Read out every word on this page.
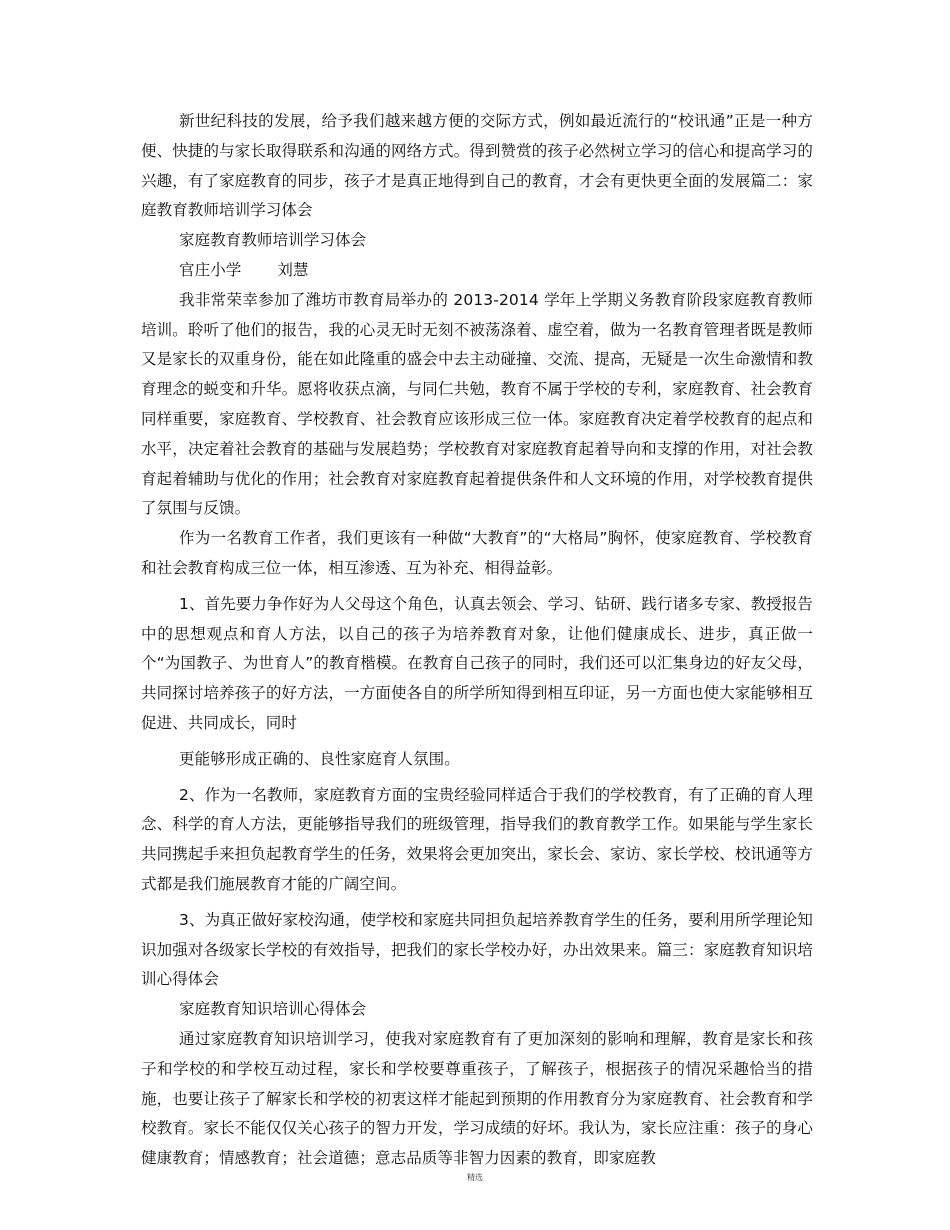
新世纪科技的发展，给予我们越来越方便的交际方式，例如最近流行的“校讯通”正是一种方便、快捷的与家长取得联系和沟通的网络方式。得到赞赏的孩子必然树立学习的信心和提高学习的兴趣，有了家庭教育的同步，孩子才是真正地得到自己的教育，才会有更快更全面的发展篇二：家庭教育教师培训学习体会

家庭教育教师培训学习体会

官庄小学 刘慧

我非常荣幸参加了潍坊市教育局举办的 2013-2014 学年上学期义务教育阶段家庭教育教师培训。聆听了他们的报告，我的心灵无时无刻不被荡涤着、虚空着，做为一名教育管理者既是教师又是家长的双重身份，能在如此隆重的盛会中去主动碰撞、交流、提高，无疑是一次生命激情和教育理念的蜕变和升华。愿将收获点滴，与同仁共勉，教育不属于学校的专利，家庭教育、社会教育同样重要，家庭教育、学校教育、社会教育应该形成三位一体。家庭教育决定着学校教育的起点和水平，决定着社会教育的基础与发展趋势；学校教育对家庭教育起着导向和支撑的作用，对社会教育起着辅助与优化的作用；社会教育对家庭教育起着提供条件和人文环境的作用，对学校教育提供了氛围与反馈。

作为一名教育工作者，我们更该有一种做“大教育”的“大格局”胸怀，使家庭教育、学校教育和社会教育构成三位一体，相互渗透、互为补充、相得益彰。

1、首先要力争作好为人父母这个角色，认真去领会、学习、钻研、践行诸多专家、教授报告中的思想观点和育人方法，以自己的孩子为培养教育对象，让他们健康成长、进步，真正做一个“为国教子、为世育人”的教育楷模。在教育自己孩子的同时，我们还可以汇集身边的好友父母，共同探讨培养孩子的好方法，一方面使各自的所学所知得到相互印证，另一方面也使大家能够相互促进、共同成长，同时

更能够形成正确的、良性家庭育人氛围。

2、作为一名教师，家庭教育方面的宝贵经验同样适合于我们的学校教育，有了正确的育人理念、科学的育人方法，更能够指导我们的班级管理，指导我们的教育教学工作。如果能与学生家长共同携起手来担负起教育学生的任务，效果将会更加突出，家长会、家访、家长学校、校讯通等方式都是我们施展教育才能的广阔空间。

3、为真正做好家校沟通，使学校和家庭共同担负起培养教育学生的任务，要利用所学理论知识加强对各级家长学校的有效指导，把我们的家长学校办好，办出效果来。篇三：家庭教育知识培训心得体会

家庭教育知识培训心得体会

通过家庭教育知识培训学习，使我对家庭教育有了更加深刻的影响和理解，教育是家长和孩子和学校的和学校互动过程，家长和学校要尊重孩子，了解孩子，根据孩子的情况采趣恰当的措施，也要让孩子了解家长和学校的初衷这样才能起到预期的作用教育分为家庭教育、社会教育和学校教育。家长不能仅仅关心孩子的智力开发，学习成绩的好坏。我认为，家长应注重：孩子的身心健康教育；情感教育；社会道德；意志品质等非智力因素的教育，即家庭教

精选
